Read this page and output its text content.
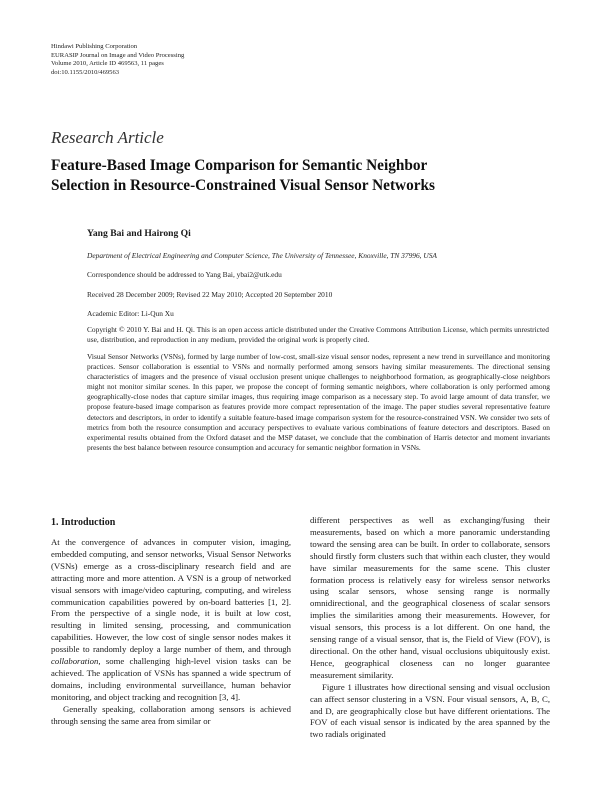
Hindawi Publishing Corporation
EURASIP Journal on Image and Video Processing
Volume 2010, Article ID 469563, 11 pages
doi:10.1155/2010/469563
Research Article
Feature-Based Image Comparison for Semantic Neighbor
Selection in Resource-Constrained Visual Sensor Networks
Yang Bai and Hairong Qi
Department of Electrical Engineering and Computer Science, The University of Tennessee, Knoxville, TN 37996, USA
Correspondence should be addressed to Yang Bai, ybai2@utk.edu
Received 28 December 2009; Revised 22 May 2010; Accepted 20 September 2010
Academic Editor: Li-Qun Xu
Copyright © 2010 Y. Bai and H. Qi. This is an open access article distributed under the Creative Commons Attribution License, which permits unrestricted use, distribution, and reproduction in any medium, provided the original work is properly cited.
Visual Sensor Networks (VSNs), formed by large number of low-cost, small-size visual sensor nodes, represent a new trend in surveillance and monitoring practices. Sensor collaboration is essential to VSNs and normally performed among sensors having similar measurements. The directional sensing characteristics of imagers and the presence of visual occlusion present unique challenges to neighborhood formation, as geographically-close neighbors might not monitor similar scenes. In this paper, we propose the concept of forming semantic neighbors, where collaboration is only performed among geographically-close nodes that capture similar images, thus requiring image comparison as a necessary step. To avoid large amount of data transfer, we propose feature-based image comparison as features provide more compact representation of the image. The paper studies several representative feature detectors and descriptors, in order to identify a suitable feature-based image comparison system for the resource-constrained VSN. We consider two sets of metrics from both the resource consumption and accuracy perspectives to evaluate various combinations of feature detectors and descriptors. Based on experimental results obtained from the Oxford dataset and the MSP dataset, we conclude that the combination of Harris detector and moment invariants presents the best balance between resource consumption and accuracy for semantic neighbor formation in VSNs.
1. Introduction

At the convergence of advances in computer vision, imaging, embedded computing, and sensor networks, Visual Sensor Networks (VSNs) emerge as a cross-disciplinary research field and are attracting more and more attention. A VSN is a group of networked visual sensors with image/video capturing, computing, and wireless communication capabilities powered by on-board batteries [1, 2]. From the perspective of a single node, it is built at low cost, resulting in limited sensing, processing, and communication capabilities. However, the low cost of single sensor nodes makes it possible to randomly deploy a large number of them, and through collaboration, some challenging high-level vision tasks can be achieved. The application of VSNs has spanned a wide spectrum of domains, including environmental surveillance, human behavior monitoring, and object tracking and recognition [3, 4].

Generally speaking, collaboration among sensors is achieved through sensing the same area from similar or

different perspectives as well as exchanging/fusing their measurements, based on which a more panoramic understanding toward the sensing area can be built. In order to collaborate, sensors should firstly form clusters such that within each cluster, they would have similar measurements for the same scene. This cluster formation process is relatively easy for wireless sensor networks using scalar sensors, whose sensing range is normally omnidirectional, and the geographical closeness of scalar sensors implies the similarities among their measurements. However, for visual sensors, this process is a lot different. On one hand, the sensing range of a visual sensor, that is, the Field of View (FOV), is directional. On the other hand, visual occlusions ubiquitously exist. Hence, geographical closeness can no longer guarantee measurement similarity.

Figure 1 illustrates how directional sensing and visual occlusion can affect sensor clustering in a VSN. Four visual sensors, A, B, C, and D, are geographically close but have different orientations. The FOV of each visual sensor is indicated by the area spanned by the two radials originated
